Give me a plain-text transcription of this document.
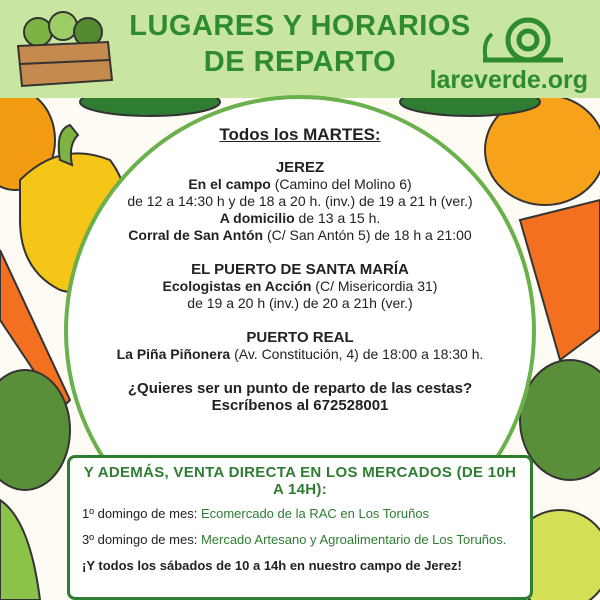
LUGARES Y HORARIOS
DE REPARTO
lareverde.org
Todos los MARTES:
JEREZ
En el campo (Camino del Molino 6)
de 12 a 14:30 h y de 18 a 20 h. (inv.) de 19 a 21 h (ver.)
A domicilio de 13 a 15 h.
Corral de San Antón (C/ San Antón 5) de 18 h a 21:00
EL PUERTO DE SANTA MARÍA
Ecologistas en Acción (C/ Misericordia 31)
de 19 a 20 h (inv.) de 20 a 21h (ver.)
PUERTO REAL
La Piña Piñonera (Av. Constitución, 4) de 18:00 a 18:30 h.
¿Quieres ser un punto de reparto de las cestas?
Escríbenos al 672528001
Y ADEMÁS, VENTA DIRECTA EN LOS MERCADOS (DE 10H A 14H):
1º domingo de mes: Ecomercado de la RAC en Los Toruños
3º domingo de mes: Mercado Artesano y Agroalimentario de Los Toruños.
¡Y todos los sábados de 10 a 14h en nuestro campo de Jerez!
